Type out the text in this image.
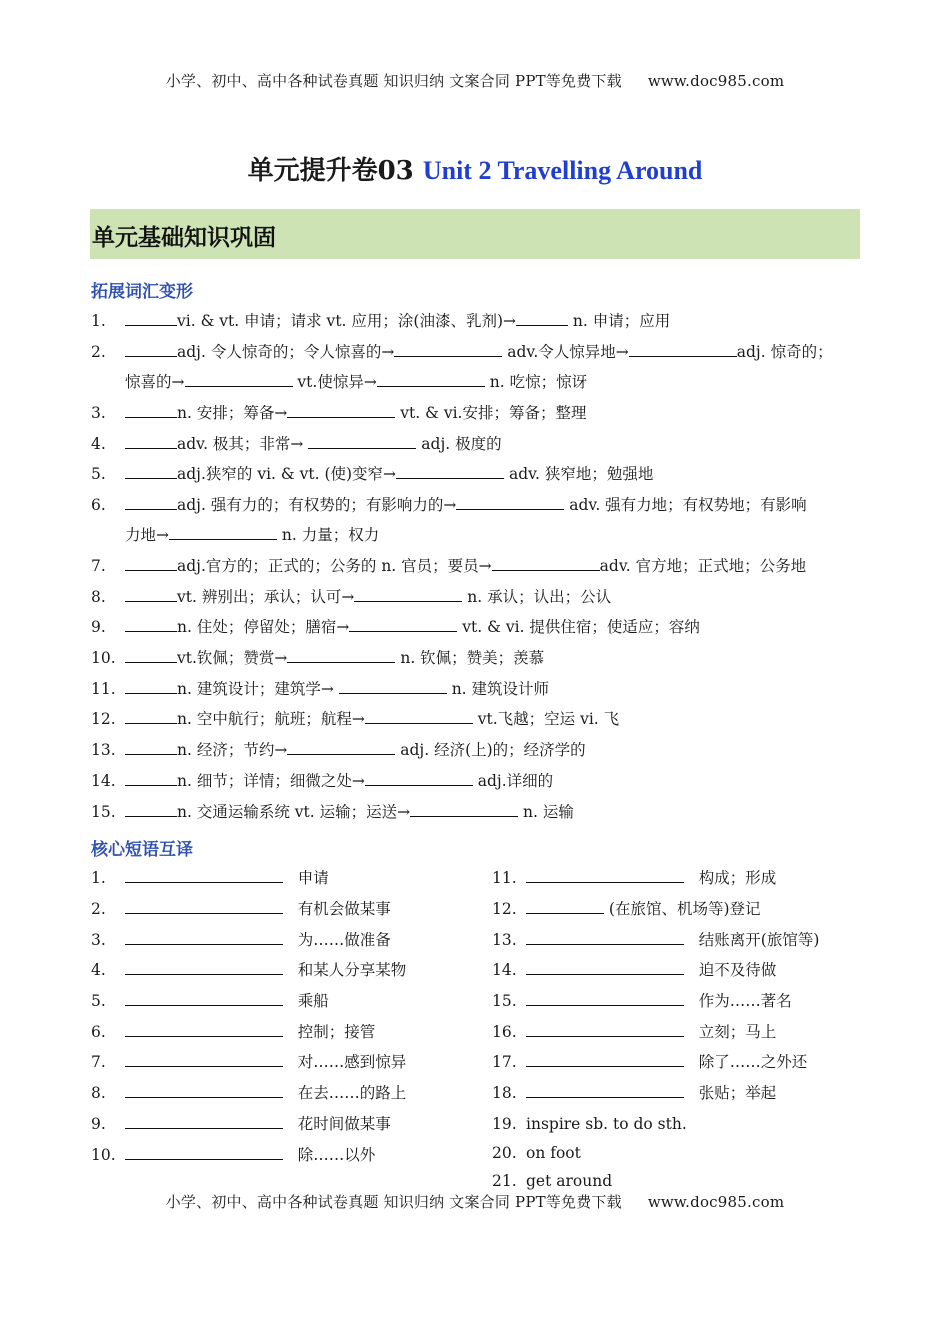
小学、初中、高中各种试卷真题 知识归纳 文案合同 PPT等免费下载 www.doc985.com
单元提升卷03 Unit 2 Travelling Around
单元基础知识巩固
拓展词汇变形
1.	vi. & vt. 申请；请求 vt. 应用；涂(油漆、乳剂)→	n. 申请；应用
2.	adj. 令人惊奇的；令人惊喜的→	adv.令人惊异地→	adj. 惊奇的；
惊喜的→	vt.使惊异→	n. 吃惊；惊讶
3.	n. 安排；筹备→	vt. & vi.安排；筹备；整理
4.	adv. 极其；非常→	adj. 极度的
5.	adj.狭窄的 vi. & vt. (使)变窄→	adv. 狭窄地；勉强地
6.	adj. 强有力的；有权势的；有影响力的→	adv. 强有力地；有权势地；有影响
力地→	n. 力量；权力
7.	adj.官方的；正式的；公务的 n. 官员；要员→	adv. 官方地；正式地；公务地
8.	vt. 辨别出；承认；认可→	n. 承认；认出；公认
9.	n. 住处；停留处；膳宿→	vt. & vi. 提供住宿；使适应；容纳
10.	vt.钦佩；赞赏→	n. 钦佩；赞美；羡慕
11.	n. 建筑设计；建筑学→	n. 建筑设计师
12.	n. 空中航行；航班；航程→	vt.飞越；空运 vi. 飞
13.	n. 经济；节约→	adj. 经济(上)的；经济学的
14.	n. 细节；详情；细微之处→	adj.详细的
15.	n. 交通运输系统 vt. 运输；运送→	n. 运输
核心短语互译
1.	申请
2.	有机会做某事
3.	为……做准备
4.	和某人分享某物
5.	乘船
6.	控制；接管
7.	对……感到惊异
8.	在去……的路上
9.	花时间做某事
10.	除……以外
11.	构成；形成
12.	(在旅馆、机场等)登记
13.	结账离开(旅馆等)
14.	迫不及待做
15.	作为……著名
16.	立刻；马上
17.	除了……之外还
18.	张贴；举起
19. inspire sb. to do sth.
20. on foot
21. get around
小学、初中、高中各种试卷真题 知识归纳 文案合同 PPT等免费下载 www.doc985.com
